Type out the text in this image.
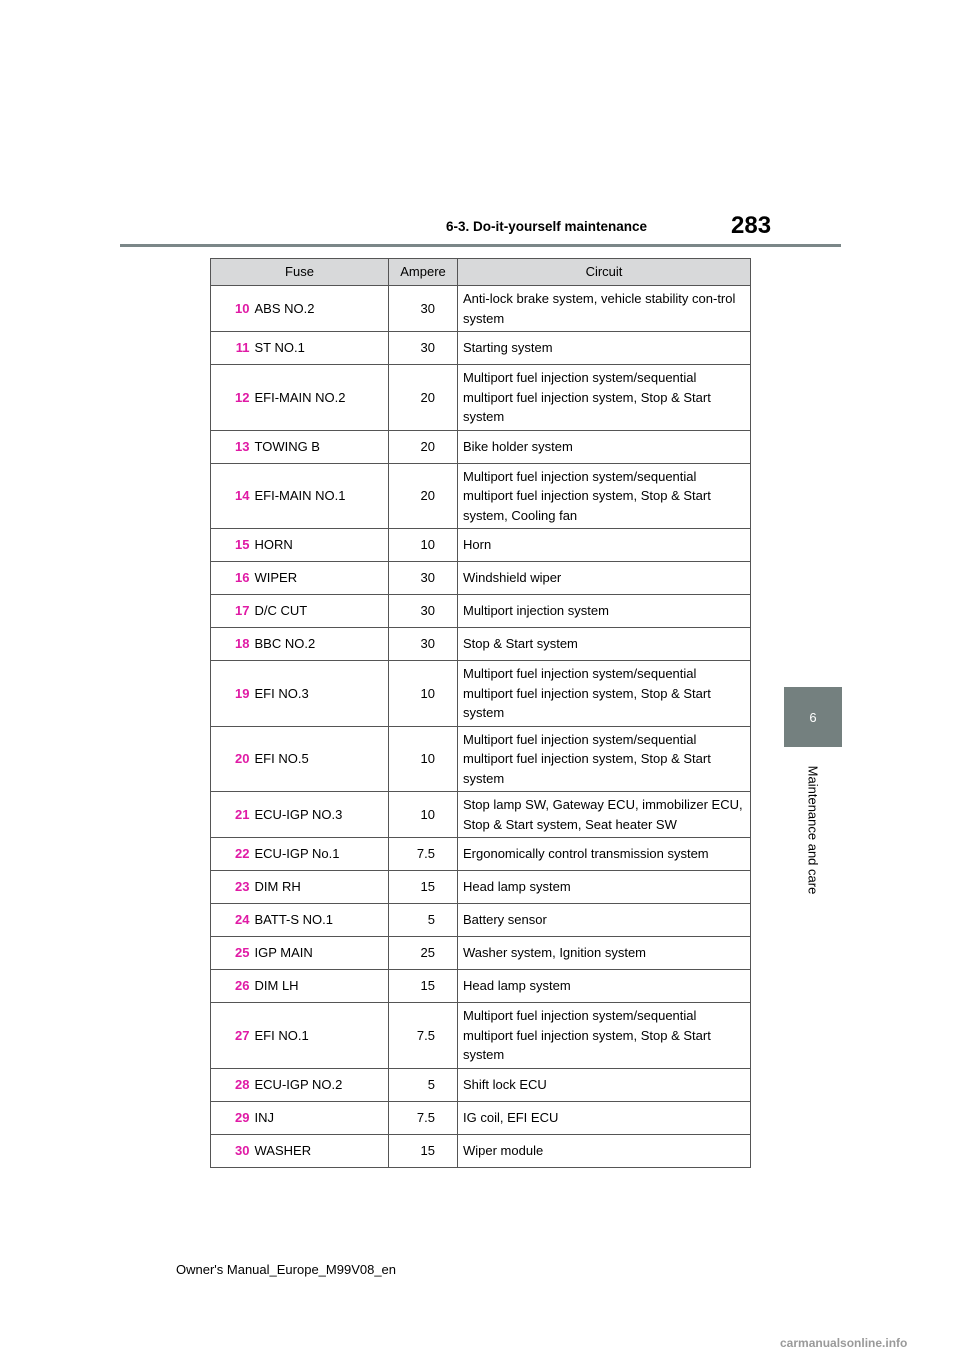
6-3. Do-it-yourself maintenance	283
6
Maintenance and care
Fuse		Ampere	Circuit
10	ABS NO.2	30	Anti-lock brake system, vehicle stability con-trol system
11	ST NO.1	30	Starting system
12	EFI-MAIN NO.2	20	Multiport fuel injection system/sequential multiport fuel injection system, Stop & Start system
13	TOWING B	20	Bike holder system
14	EFI-MAIN NO.1	20	Multiport fuel injection system/sequential multiport fuel injection system, Stop & Start system, Cooling fan
15	HORN	10	Horn
16	WIPER	30	Windshield wiper
17	D/C CUT	30	Multiport injection system
18	BBC NO.2	30	Stop & Start system
19	EFI NO.3	10	Multiport fuel injection system/sequential multiport fuel injection system, Stop & Start system
20	EFI NO.5	10	Multiport fuel injection system/sequential multiport fuel injection system, Stop & Start system
21	ECU-IGP NO.3	10	Stop lamp SW, Gateway ECU, immobilizer ECU, Stop & Start system, Seat heater SW
22	ECU-IGP No.1	7.5	Ergonomically control transmission system
23	DIM RH	15	Head lamp system
24	BATT-S NO.1	5	Battery sensor
25	IGP MAIN	25	Washer system, Ignition system
26	DIM LH	15	Head lamp system
27	EFI NO.1	7.5	Multiport fuel injection system/sequential multiport fuel injection system, Stop & Start system
28	ECU-IGP NO.2	5	Shift lock ECU
29	INJ	7.5	IG coil, EFI ECU
30	WASHER	15	Wiper module
Owner's Manual_Europe_M99V08_en
carmanualsonline.info
